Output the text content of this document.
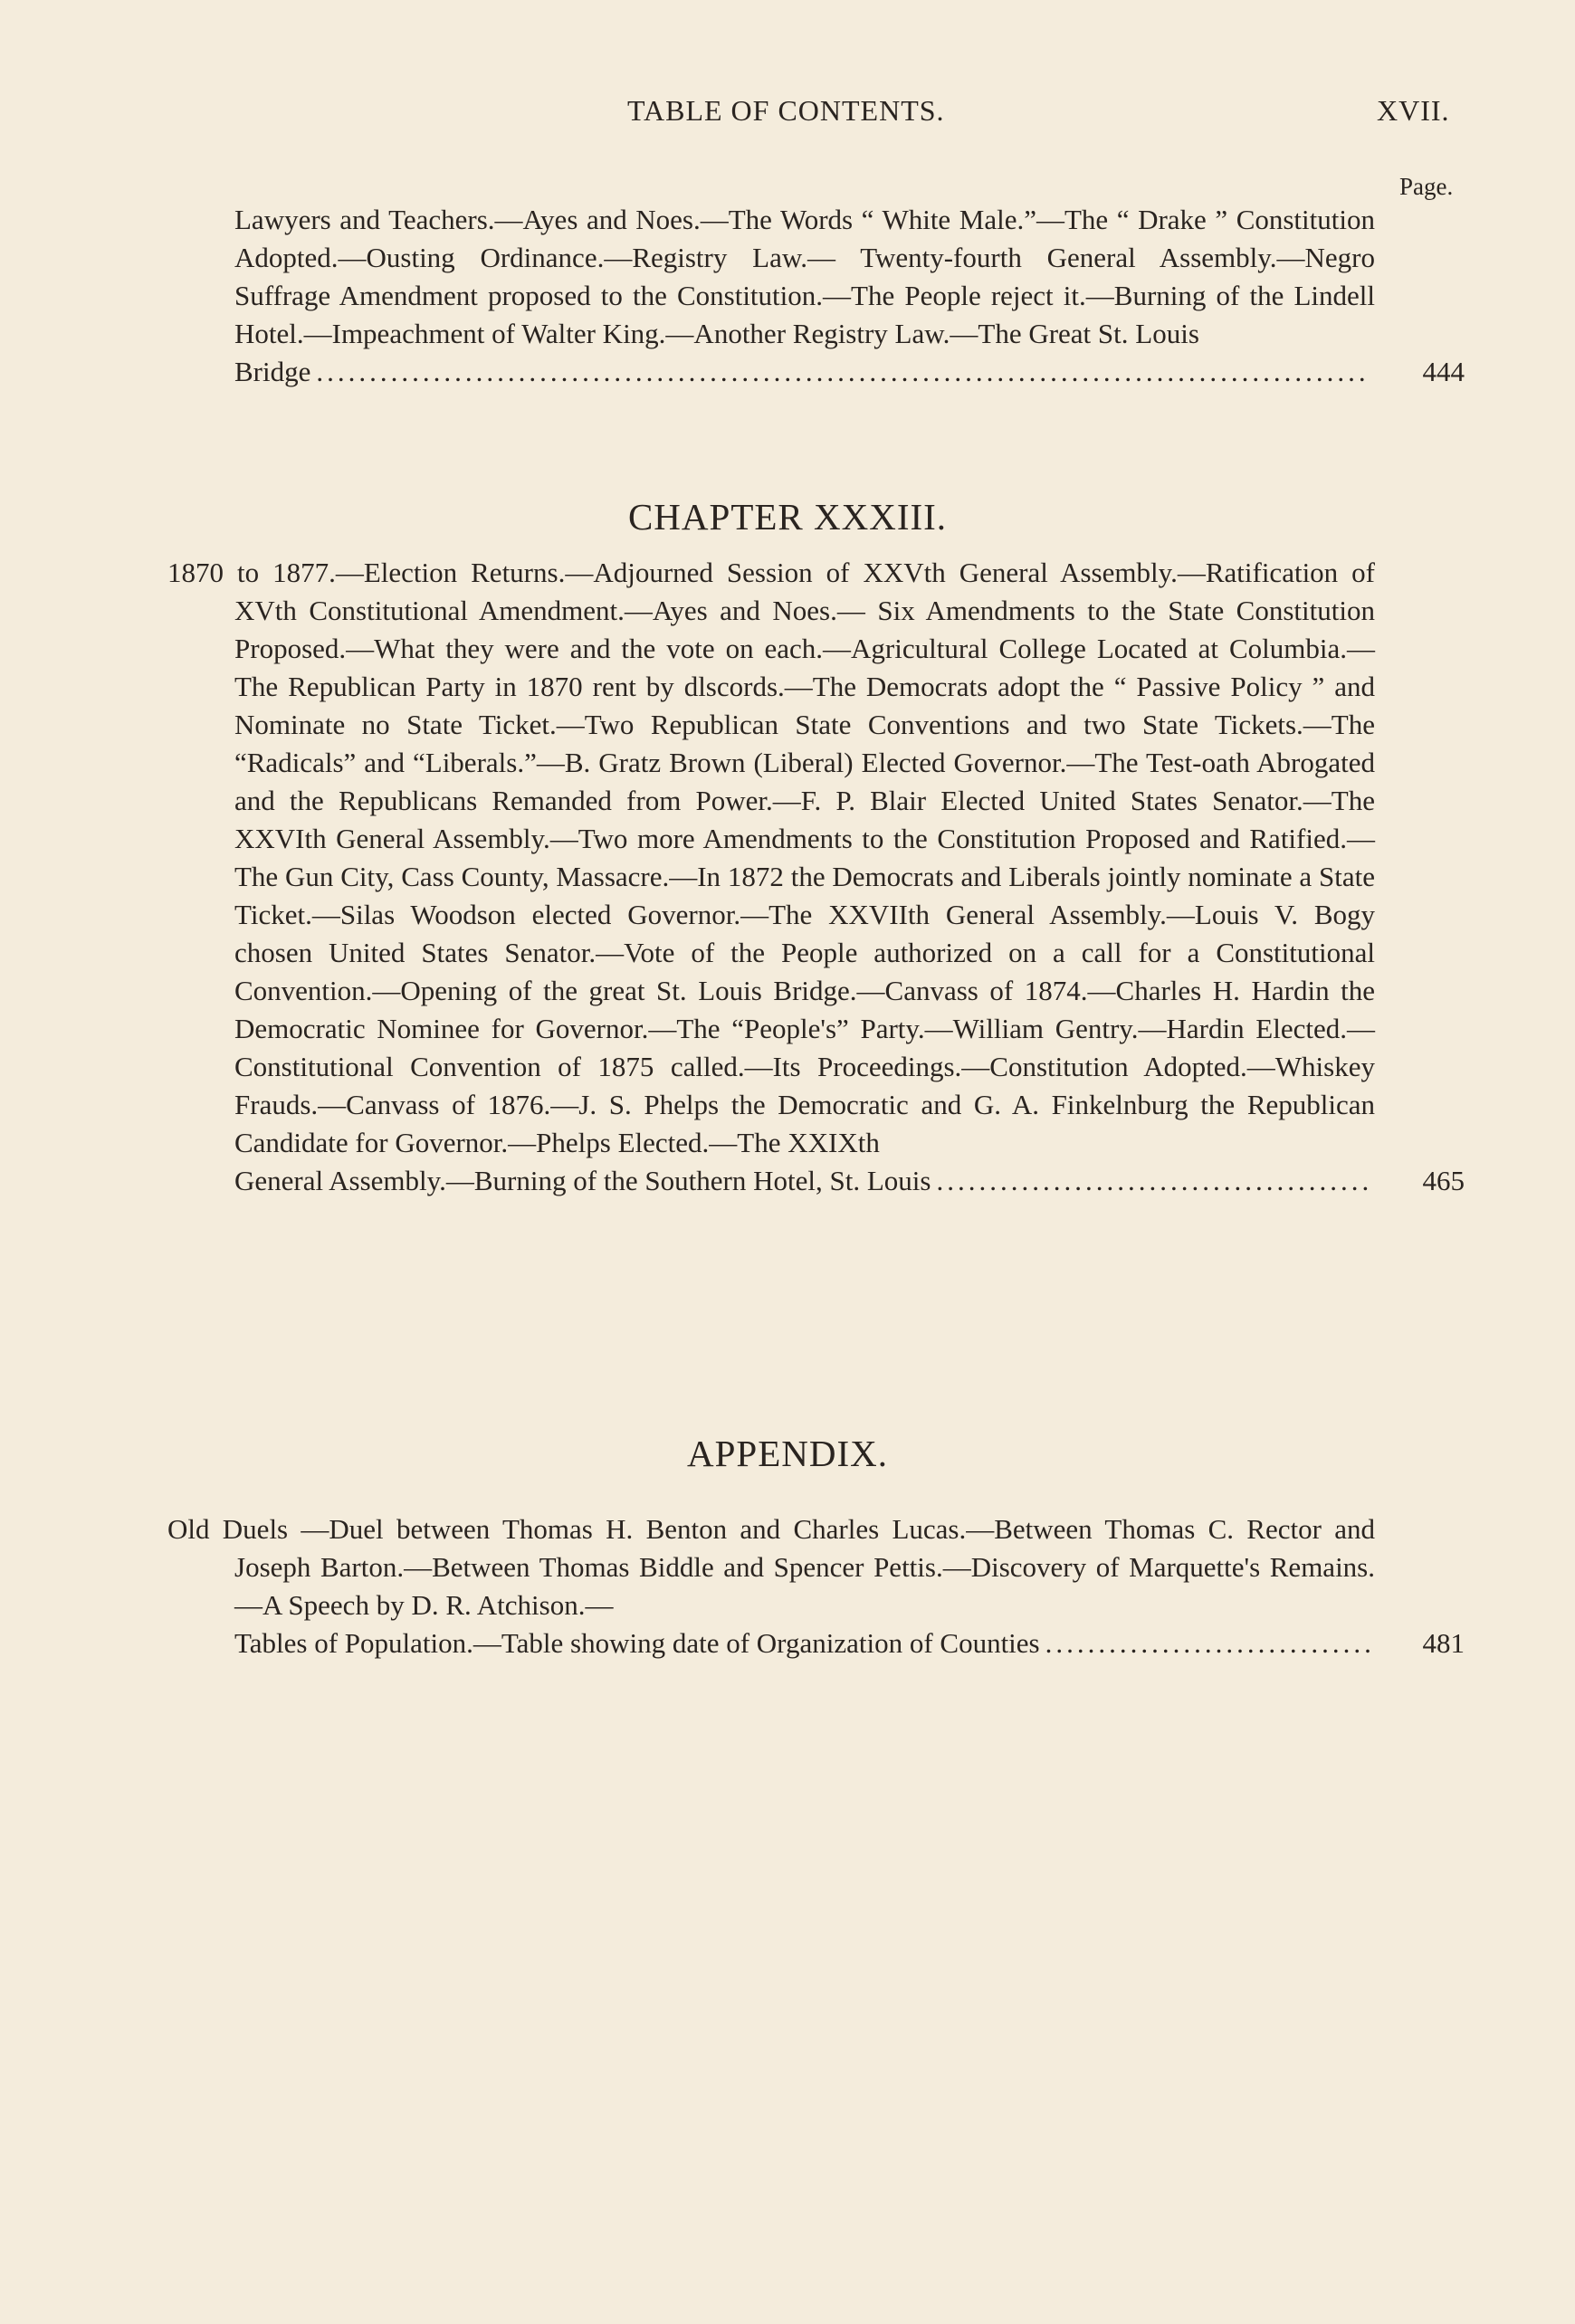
TABLE OF CONTENTS.	XVII.
Page.
Lawyers and Teachers.—Ayes and Noes.—The Words “ White Male.”—The “ Drake ” Constitution Adopted.—Ousting Ordinance.—Registry Law.— Twenty-fourth General Assembly.—Negro Suffrage Amendment proposed to the Constitution.—The People reject it.—Burning of the Lindell Hotel.—Impeachment of Walter King.—Another Registry Law.—The Great St. Louis
Bridge .....	444
CHAPTER XXXIII.
1870 to 1877.—Election Returns.—Adjourned Session of XXVth General Assembly.—Ratification of XVth Constitutional Amendment.—Ayes and Noes.— Six Amendments to the State Constitution Proposed.—What they were and the vote on each.—Agricultural College Located at Columbia.—The Republican Party in 1870 rent by dlscords.—The Democrats adopt the “ Passive Policy ” and Nominate no State Ticket.—Two Republican State Conventions and two State Tickets.—The “Radicals” and “Liberals.”—B. Gratz Brown (Liberal) Elected Governor.—The Test-oath Abrogated and the Republicans Remanded from Power.—F. P. Blair Elected United States Senator.—The XXVIth General Assembly.—Two more Amendments to the Constitution Proposed and Ratified.—The Gun City, Cass County, Massacre.—In 1872 the Democrats and Liberals jointly nominate a State Ticket.—Silas Woodson elected Governor.—The XXVIIth General Assembly.—Louis V. Bogy chosen United States Senator.—Vote of the People authorized on a call for a Constitutional Convention.—Opening of the great St. Louis Bridge.—Canvass of 1874.—Charles H. Hardin the Democratic Nominee for Governor.—The “People's” Party.—William Gentry.—Hardin Elected.—Constitutional Convention of 1875 called.—Its Proceedings.—Constitution Adopted.—Whiskey Frauds.—Canvass of 1876.—J. S. Phelps the Democratic and G. A. Finkelnburg the Republican Candidate for Governor.—Phelps Elected.—The XXIXth
General Assembly.—Burning of the Southern Hotel, St. Louis .....	465
APPENDIX.
Old Duels —Duel between Thomas H. Benton and Charles Lucas.—Between Thomas C. Rector and Joseph Barton.—Between Thomas Biddle and Spencer Pettis.—Discovery of Marquette's Remains.—A Speech by D. R. Atchison.—
Tables of Population.—Table showing date of Organization of Counties .....	481
